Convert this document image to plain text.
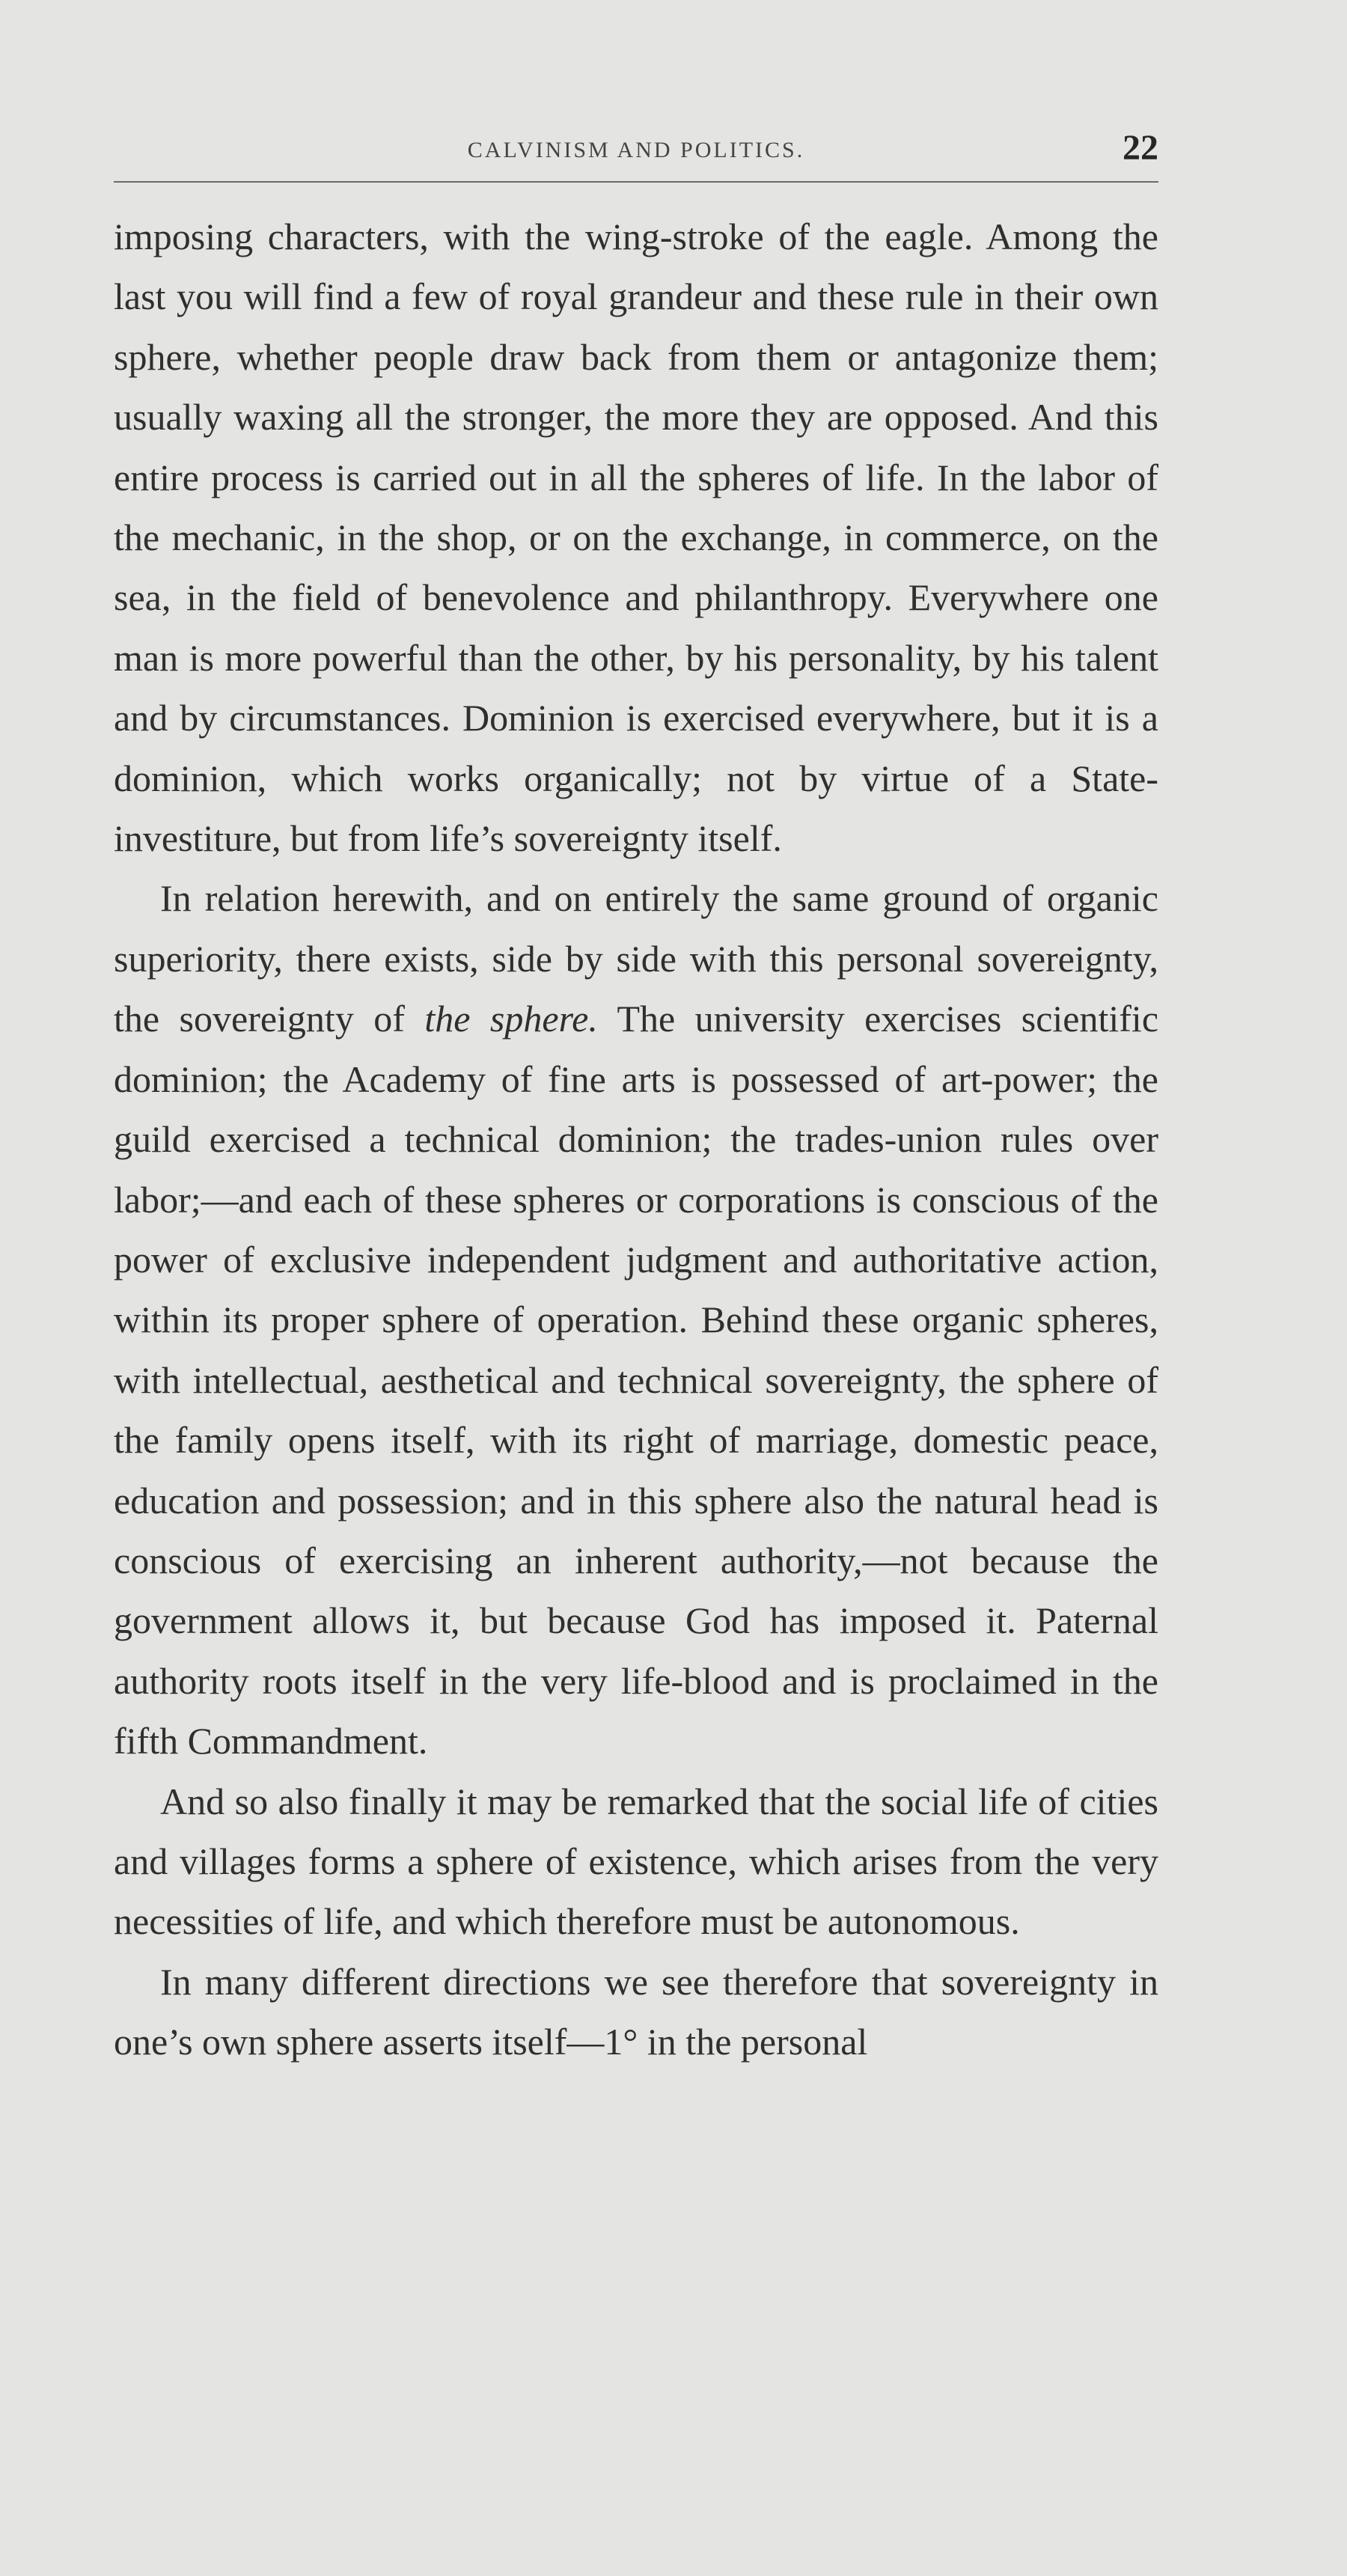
CALVINISM AND POLITICS.	22

imposing characters, with the wing-stroke of the eagle. Among the last you will find a few of royal grandeur and these rule in their own sphere, whether people draw back from them or antagonize them; usually waxing all the stronger, the more they are opposed. And this entire process is carried out in all the spheres of life. In the labor of the mechanic, in the shop, or on the exchange, in commerce, on the sea, in the field of benevolence and philanthropy. Everywhere one man is more powerful than the other, by his personality, by his talent and by circumstances. Dominion is exercised everywhere, but it is a dominion, which works organically; not by virtue of a State-investiture, but from life’s sovereignty itself.

In relation herewith, and on entirely the same ground of organic superiority, there exists, side by side with this personal sovereignty, the sovereignty of the sphere. The university exercises scientific dominion; the Academy of fine arts is possessed of art-power; the guild exercised a technical dominion; the trades-union rules over labor;—and each of these spheres or corporations is conscious of the power of exclusive independent judgment and authoritative action, within its proper sphere of operation. Behind these organic spheres, with intellectual, aesthetical and technical sovereignty, the sphere of the family opens itself, with its right of marriage, domestic peace, education and possession; and in this sphere also the natural head is conscious of exercising an inherent authority,—not because the government allows it, but because God has imposed it. Paternal authority roots itself in the very life-blood and is proclaimed in the fifth Commandment.

And so also finally it may be remarked that the social life of cities and villages forms a sphere of existence, which arises from the very necessities of life, and which therefore must be autonomous.

In many different directions we see therefore that sovereignty in one’s own sphere asserts itself—1° in the personal
